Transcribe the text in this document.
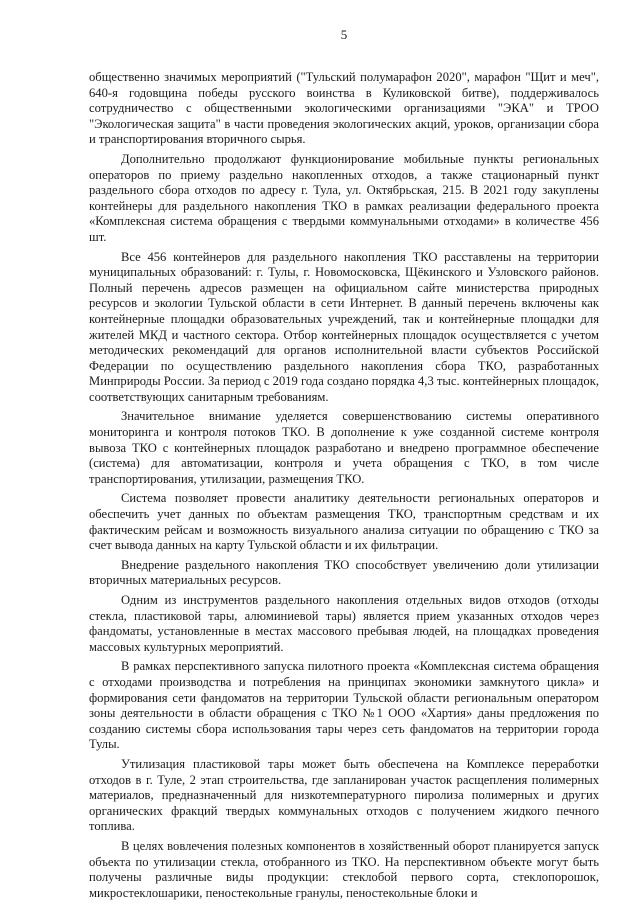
5

общественно значимых мероприятий ("Тульский полумарафон 2020", марафон "Щит и меч", 640-я годовщина победы русского воинства в Куликовской битве), поддерживалось сотрудничество с общественными экологическими организациями "ЭКА" и ТРОО "Экологическая защита" в части проведения экологических акций, уроков, организации сбора и транспортирования вторичного сырья.

Дополнительно продолжают функционирование мобильные пункты региональных операторов по приему раздельно накопленных отходов, а также стационарный пункт раздельного сбора отходов по адресу г. Тула, ул. Октябрьская, 215. В 2021 году закуплены контейнеры для раздельного накопления ТКО в рамках реализации федерального проекта «Комплексная система обращения с твердыми коммунальными отходами» в количестве 456 шт.

Все 456 контейнеров для раздельного накопления ТКО расставлены на территории муниципальных образований: г. Тулы, г. Новомосковска, Щёкинского и Узловского районов. Полный перечень адресов размещен на официальном сайте министерства природных ресурсов и экологии Тульской области в сети Интернет. В данный перечень включены как контейнерные площадки образовательных учреждений, так и контейнерные площадки для жителей МКД и частного сектора. Отбор контейнерных площадок осуществляется с учетом методических рекомендаций для органов исполнительной власти субъектов Российской Федерации по осуществлению раздельного накопления сбора ТКО, разработанных Минприроды России. За период с 2019 года создано порядка 4,3 тыс. контейнерных площадок, соответствующих санитарным требованиям.

Значительное внимание уделяется совершенствованию системы оперативного мониторинга и контроля потоков ТКО. В дополнение к уже созданной системе контроля вывоза ТКО с контейнерных площадок разработано и внедрено программное обеспечение (система) для автоматизации, контроля и учета обращения с ТКО, в том числе транспортирования, утилизации, размещения ТКО.

Система позволяет провести аналитику деятельности региональных операторов и обеспечить учет данных по объектам размещения ТКО, транспортным средствам и их фактическим рейсам и возможность визуального анализа ситуации по обращению с ТКО за счет вывода данных на карту Тульской области и их фильтрации.

Внедрение раздельного накопления ТКО способствует увеличению доли утилизации вторичных материальных ресурсов.

Одним из инструментов раздельного накопления отдельных видов отходов (отходы стекла, пластиковой тары, алюминиевой тары) является прием указанных отходов через фандоматы, установленные в местах массового пребывая людей, на площадках проведения массовых культурных мероприятий.

В рамках перспективного запуска пилотного проекта «Комплексная система обращения с отходами производства и потребления на принципах экономики замкнутого цикла» и формирования сети фандоматов на территории Тульской области региональным оператором зоны деятельности в области обращения с ТКО №1 ООО «Хартия» даны предложения по созданию системы сбора использования тары через сеть фандоматов на территории города Тулы.

Утилизация пластиковой тары может быть обеспечена на Комплексе переработки отходов в г. Туле, 2 этап строительства, где запланирован участок расщепления полимерных материалов, предназначенный для низкотемпературного пиролиза полимерных и других органических фракций твердых коммунальных отходов с получением жидкого печного топлива.

В целях вовлечения полезных компонентов в хозяйственный оборот планируется запуск объекта по утилизации стекла, отобранного из ТКО. На перспективном объекте могут быть получены различные виды продукции: стеклобой первого сорта, стеклопорошок, микростеклошарики, пеностекольные гранулы, пеностекольные блоки и
